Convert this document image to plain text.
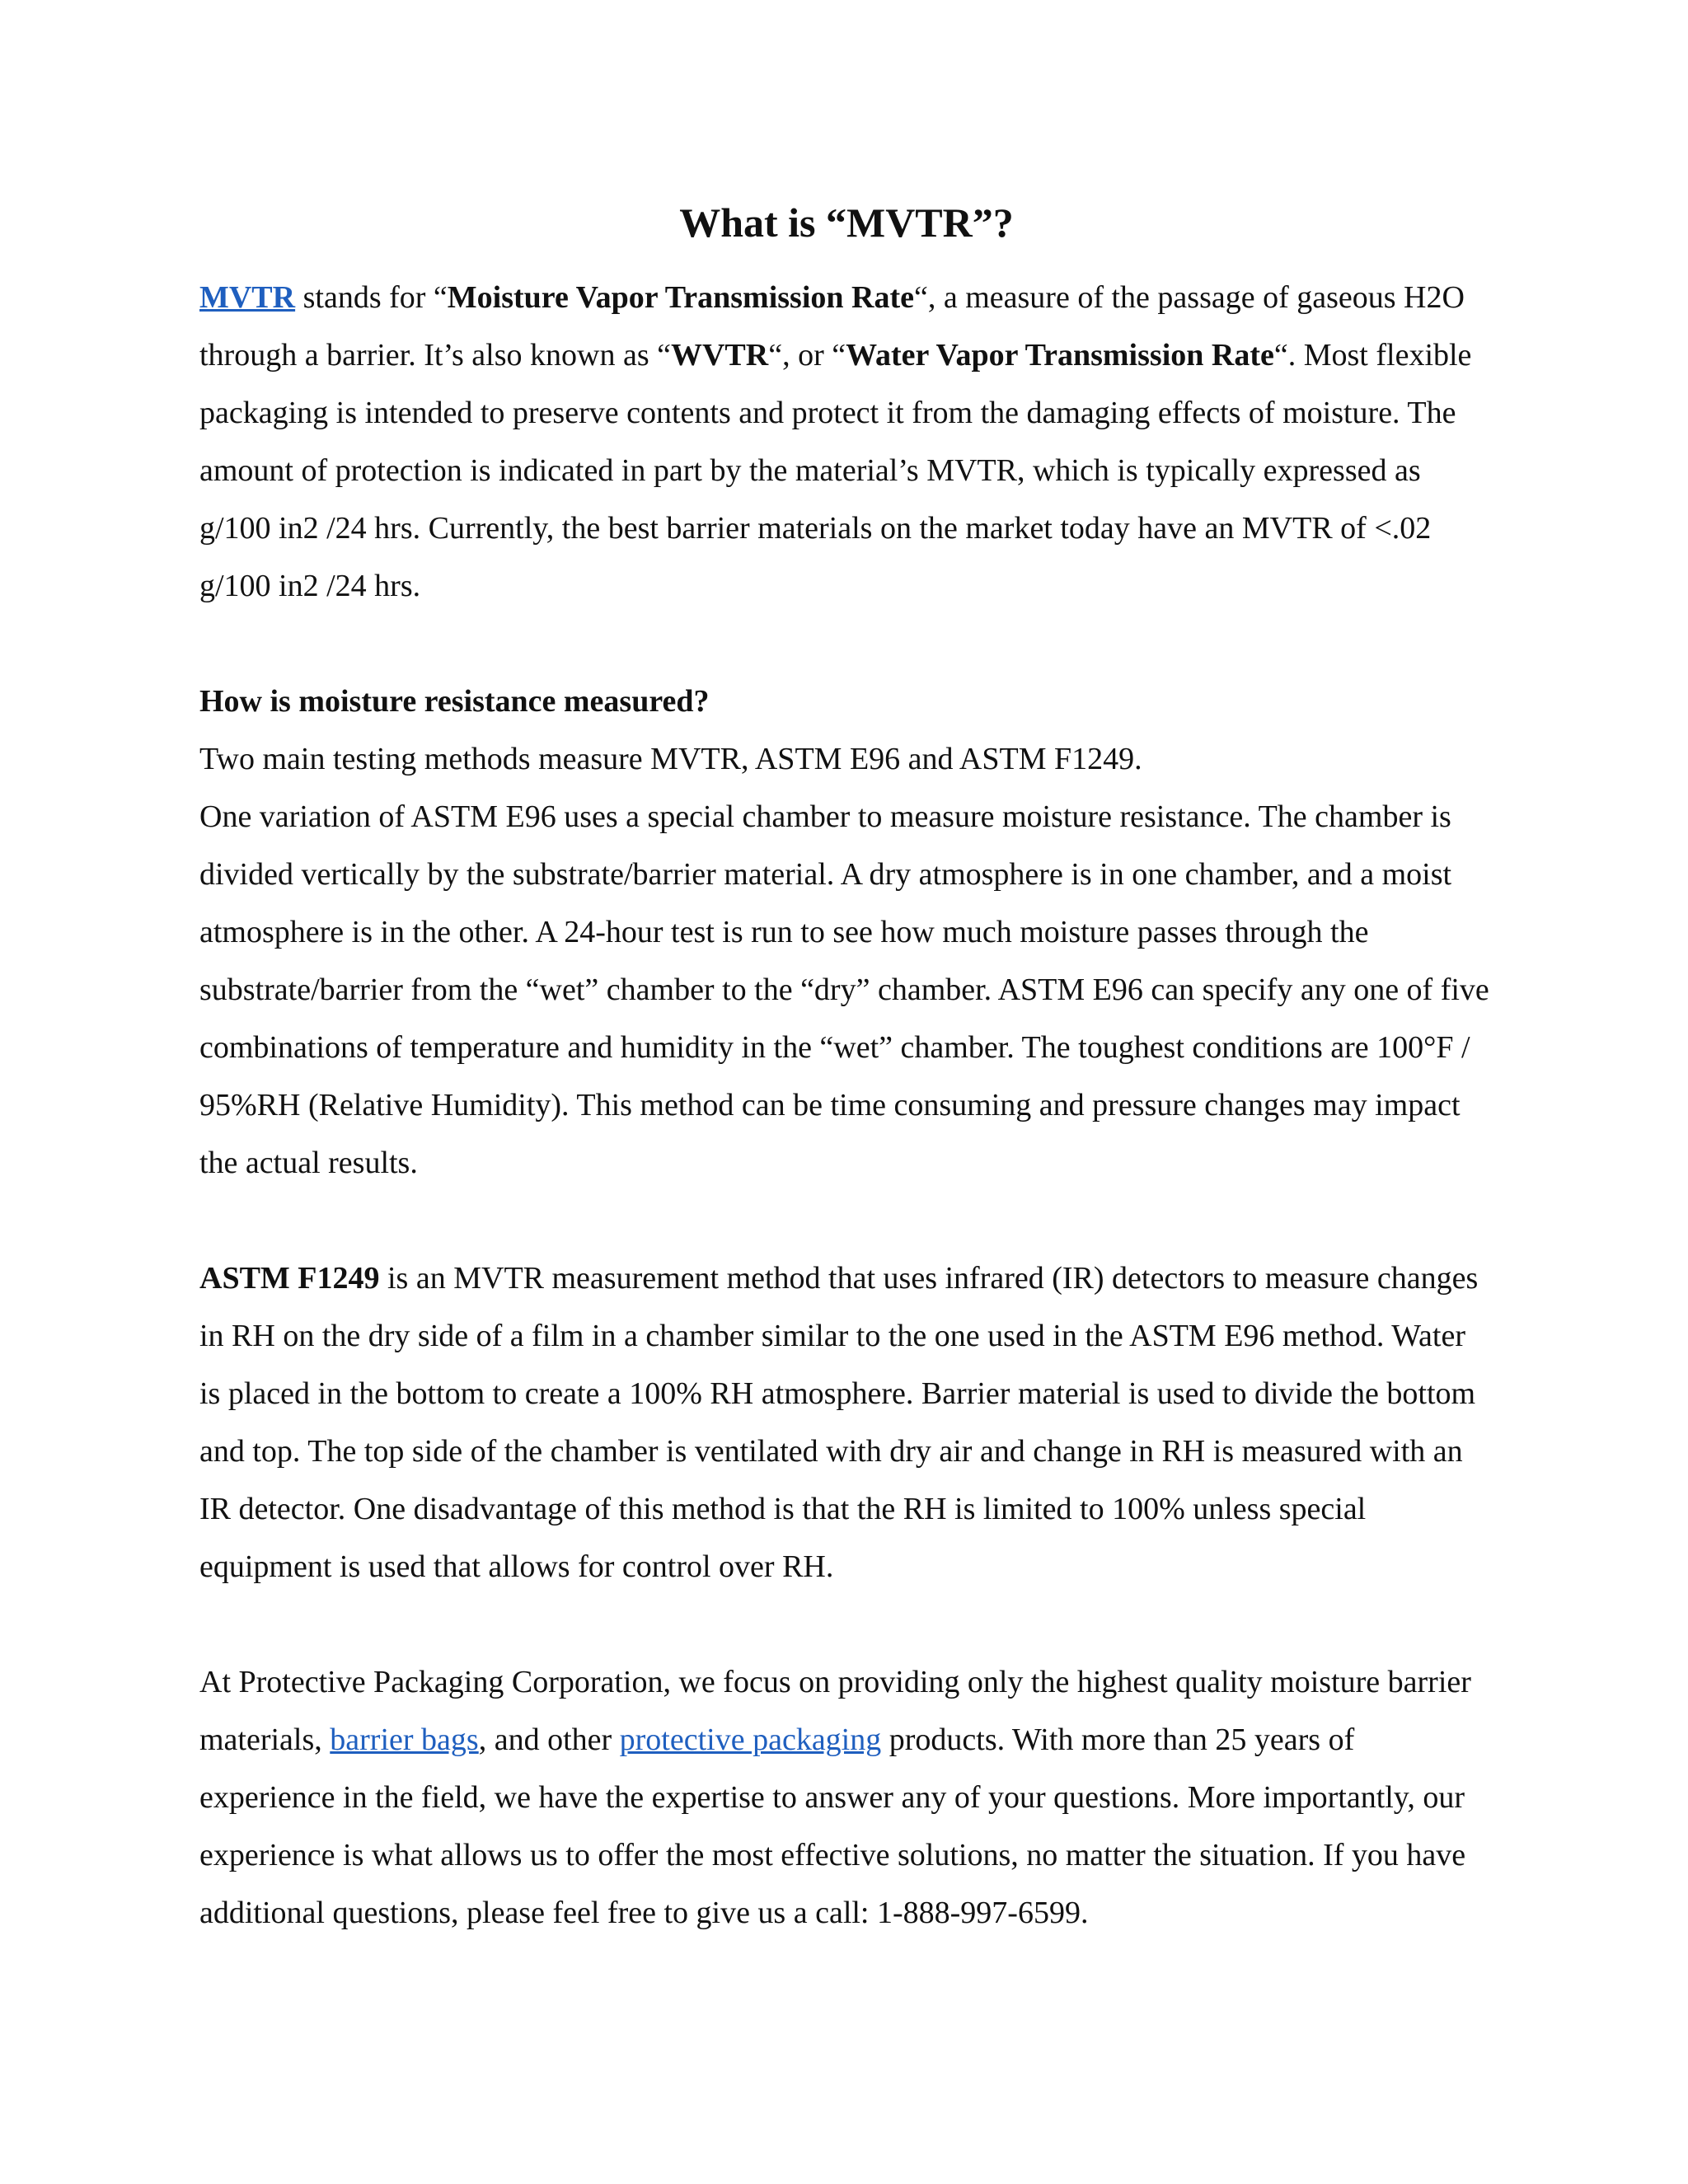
What is “MVTR”?

MVTR stands for “Moisture Vapor Transmission Rate“, a measure of the passage of gaseous H2O through a barrier. It’s also known as “WVTR“, or “Water Vapor Transmission Rate“. Most flexible packaging is intended to preserve contents and protect it from the damaging effects of moisture. The amount of protection is indicated in part by the material’s MVTR, which is typically expressed as g/100 in2 /24 hrs. Currently, the best barrier materials on the market today have an MVTR of <.02 g/100 in2 /24 hrs.

How is moisture resistance measured?

Two main testing methods measure MVTR, ASTM E96 and ASTM F1249.

One variation of ASTM E96 uses a special chamber to measure moisture resistance. The chamber is divided vertically by the substrate/barrier material. A dry atmosphere is in one chamber, and a moist atmosphere is in the other. A 24-hour test is run to see how much moisture passes through the substrate/barrier from the “wet” chamber to the “dry” chamber. ASTM E96 can specify any one of five combinations of temperature and humidity in the “wet” chamber. The toughest conditions are 100°F / 95%RH (Relative Humidity). This method can be time consuming and pressure changes may impact the actual results.

ASTM F1249 is an MVTR measurement method that uses infrared (IR) detectors to measure changes in RH on the dry side of a film in a chamber similar to the one used in the ASTM E96 method. Water is placed in the bottom to create a 100% RH atmosphere. Barrier material is used to divide the bottom and top. The top side of the chamber is ventilated with dry air and change in RH is measured with an IR detector. One disadvantage of this method is that the RH is limited to 100% unless special equipment is used that allows for control over RH.

At Protective Packaging Corporation, we focus on providing only the highest quality moisture barrier materials, barrier bags, and other protective packaging products. With more than 25 years of experience in the field, we have the expertise to answer any of your questions. More importantly, our experience is what allows us to offer the most effective solutions, no matter the situation. If you have additional questions, please feel free to give us a call: 1-888-997-6599.
